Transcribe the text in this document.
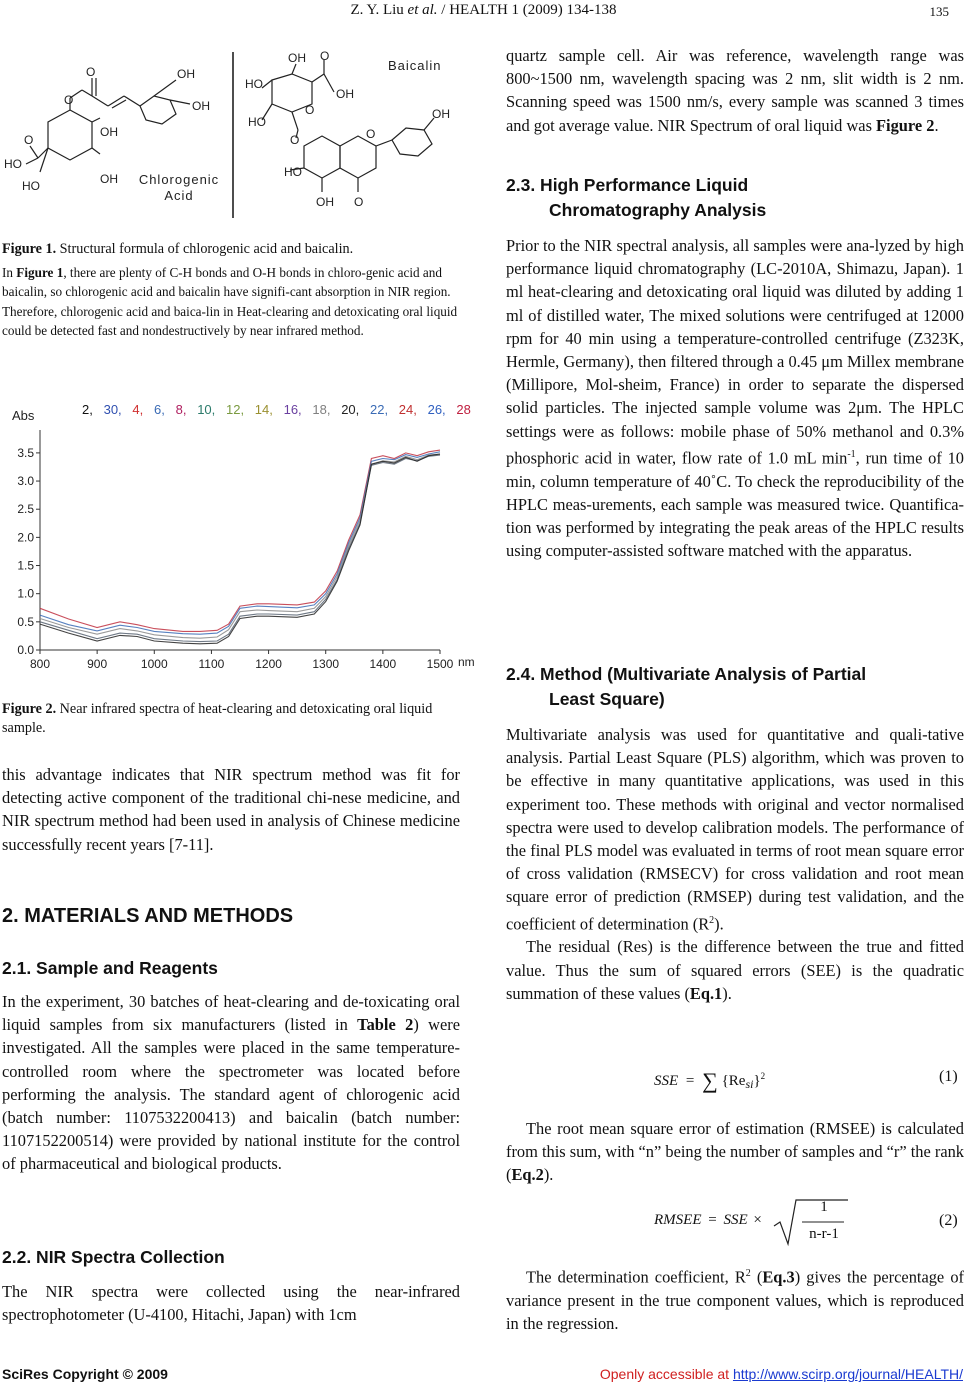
Z. Y. Liu et al. / HEALTH 1 (2009) 134-138	135
O	OH
OH
O
OH
O
HO
HO	OH
HO
OH O
HO
OH
O
O	O
OH
HO
OH O
Baicalin
Chlorogenic Acid
Figure 1. Structural formula of chlorogenic acid and baicalin.
In Figure 1, there are plenty of C-H bonds and O-H bonds in chloro-genic acid and baicalin, so chlorogenic acid and baicalin have signifi-cant absorption in NIR region. Therefore, chlorogenic acid and baica-lin in Heat-clearing and detoxicating oral liquid could be detected fast and nondestructively by near infrared method.
0.0
0.5
1.0
1.5
2.0
2.5
3.0
3.5
800	900	1000	1100	1200	1300	1400	1500
Abs
nm
2, 30, 4, 6, 8, 10, 12, 14, 16, 18, 20, 22, 24, 26, 28
Figure 2. Near infrared spectra of heat-clearing and detoxicating oral liquid sample.

this advantage indicates that NIR spectrum method was fit for detecting active component of the traditional chi-nese medicine, and NIR spectrum method had been used in analysis of Chinese medicine successfully recent years [7-11].

2. MATERIALS AND METHODS
2.1. Sample and Reagents

In the experiment, 30 batches of heat-clearing and de-toxicating oral liquid samples from six manufacturers (listed in Table 2) were investigated. All the samples were placed in the same temperature-controlled room where the spectrometer was located before performing the analysis. The standard agent of chlorogenic acid (batch number: 1107532200413) and baicalin (batch number: 1107152200514) were provided by national institute for the control of pharmaceutical and biological products.

2.2. NIR Spectra Collection

The NIR spectra were collected using the near-infrared spectrophotometer (U-4100, Hitachi, Japan) with 1cm

quartz sample cell. Air was reference, wavelength range was 800~1500 nm, wavelength spacing was 2 nm, slit width is 2 nm. Scanning speed was 1500 nm/s, every sample was scanned 3 times and got average value. NIR Spectrum of oral liquid was Figure 2.

2.3. High Performance Liquid
Chromatography Analysis

Prior to the NIR spectral analysis, all samples were ana-lyzed by high performance liquid chromatography (LC-2010A, Shimazu, Japan). 1 ml heat-clearing and detoxicating oral liquid was diluted by adding 1 ml of distilled water, The mixed solutions were centrifuged at 12000 rpm for 40 min using a temperature-controlled centrifuge (Z323K, Hermle, Germany), then filtered through a 0.45 μm Millex membrane (Millipore, Mol-sheim, France) in order to separate the dispersed solid particles. The injected sample volume was 2μm. The HPLC settings were as follows: mobile phase of 50% methanol and 0.3% phosphoric acid in water, flow rate of 1.0 mL $\min^{-1}$, run time of 10 min, column temperature of 40˚C. To check the reproducibility of the HPLC meas-urements, each sample was measured twice. Quantifica-tion was performed by integrating the peak areas of the HPLC results using computer-assisted software matched with the apparatus.

2.4. Method (Multivariate Analysis of Partial
Least Square)

Multivariate analysis was used for quantitative and quali-tative analysis. Partial Least Square (PLS) algorithm, which was proven to be effective in many quantitative applications, was used in this experiment too. These methods with original and vector normalised spectra were used to develop calibration models. The performance of the final PLS model was evaluated in terms of root mean square error of cross validation (RMSECV) for cross validation and root mean square error of prediction (RMSEP) during test validation, and the coefficient of determination $(R^2)$.

The residual (Res) is the difference between the true and fitted value. Thus the sum of squared errors (SEE) is the quadratic summation of these values (Eq.1).

SSE = ∑ $\{Re_{si}\}^2$	(1)

The root mean square error of estimation (RMSEE) is calculated from this sum, with “n” being the number of samples and “r” the rank (Eq.2).

RMSEE = SSE ×
1
n-r-1
(2)

The determination coefficient, $R^2$ (Eq.3) gives the percentage of variance present in the true component values, which is reproduced in the regression.

SciRes Copyright © 2009	Openly accessible at http://www.scirp.org/journal/HEALTH/
